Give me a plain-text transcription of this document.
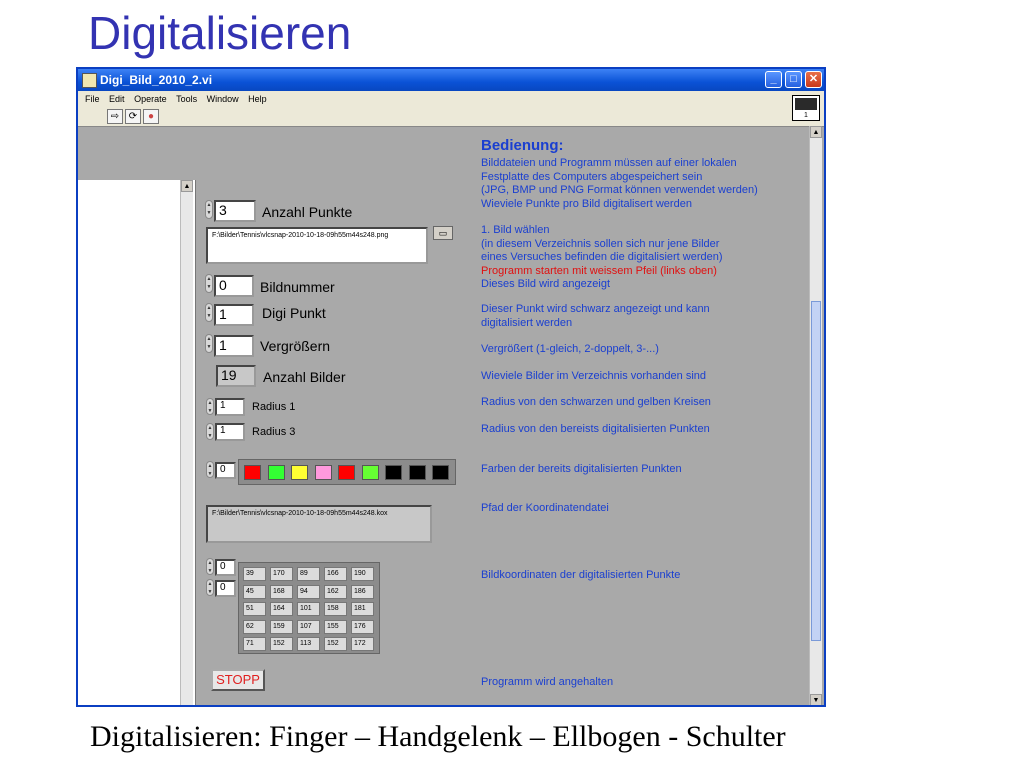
Digitalisieren
Digi_Bild_2010_2.vi	_	□	✕
File Edit Operate Tools Window Help
⇨ ⟳	●	1
▲
▲
▼
▲
▼ 3	Anzahl Punkte
F:\Bilder\Tennis\vlcsnap-2010-10-18-09h55m44s248.png	▭
▲
▼ 0	Bildnummer
▲
▼ 1	Digi Punkt
▲
▼ 1	Vergrößern
19	Anzahl Bilder
▲
▼ 1	Radius 1
▲
▼ 1	Radius 3
▲
▼ 0
F:\Bilder\Tennis\vlcsnap-2010-10-18-09h55m44s248.kox
▲
▼ 0
▲
▼ 0
39	170	89	166	190
45	168	94	162	186
51	164	101	158	181
62	159	107	155	176
71	152	113	152	172
STOPP
Bedienung:
Bilddateien und Programm müssen auf einer lokalen
Festplatte des Computers abgespeichert sein
(JPG, BMP und PNG Format können verwendet werden)
Wieviele Punkte pro Bild digitalisert werden
1. Bild wählen
(in diesem Verzeichnis sollen sich nur jene Bilder
eines Versuches befinden die digitalisiert werden)
Programm starten mit weissem Pfeil (links oben)
Dieses Bild wird angezeigt
Dieser Punkt wird schwarz angezeigt und kann
digitalisiert werden
Vergrößert (1-gleich, 2-doppelt, 3-...)
Wieviele Bilder im Verzeichnis vorhanden sind
Radius von den schwarzen und gelben Kreisen
Radius von den bereists digitalisierten Punkten
Farben der bereits digitalisierten Punkten
Pfad der Koordinatendatei
Bildkoordinaten der digitalisierten Punkte
Programm wird angehalten
Digitalisieren: Finger – Handgelenk – Ellbogen - Schulter
